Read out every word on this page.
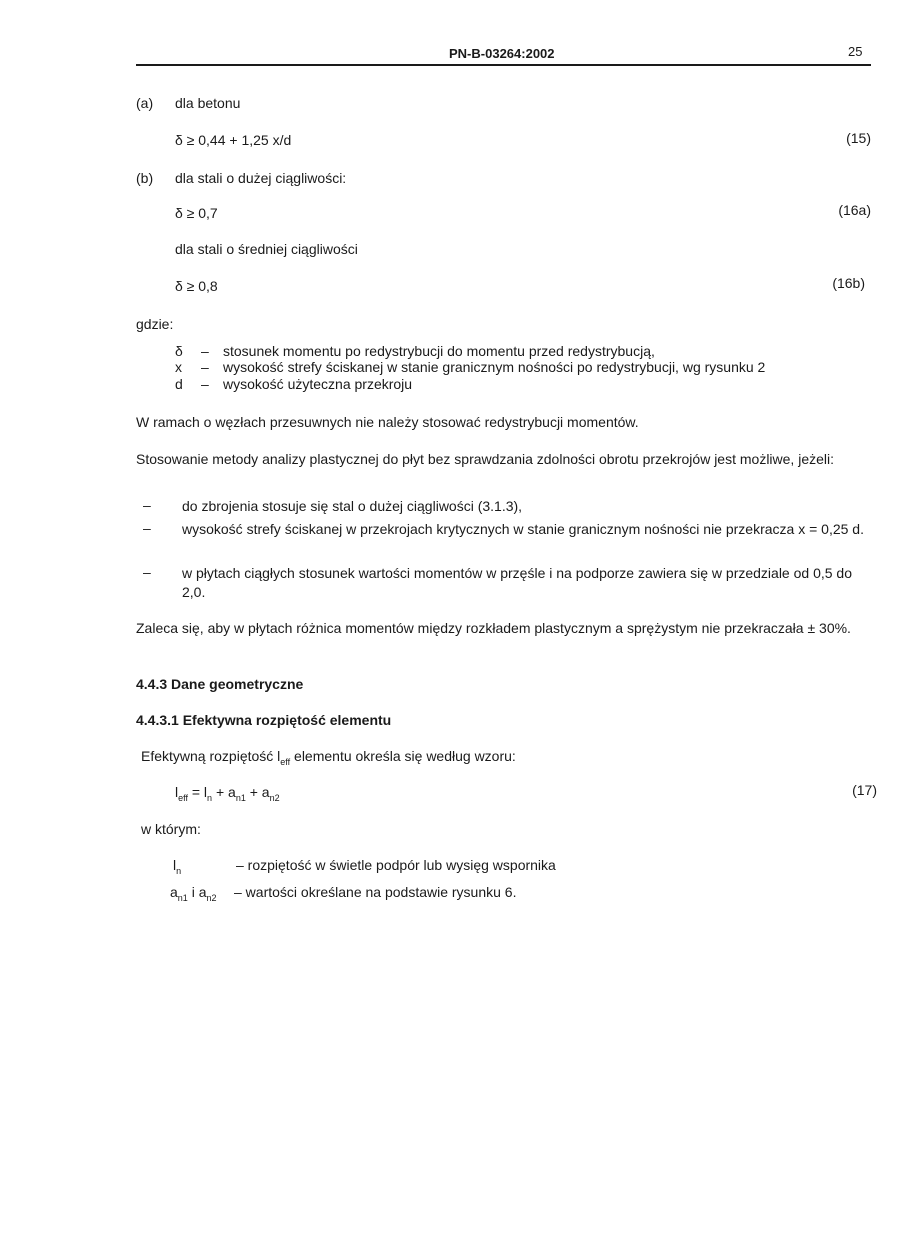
PN-B-03264:2002	25
(a) dla betonu
δ ≥ 0,44 + 1,25 x/d	(15)
(b) dla stali o dużej ciągliwości:
δ ≥ 0,7	(16a)
dla stali o średniej ciągliwości
δ ≥ 0,8	(16b)
gdzie:
δ – stosunek momentu po redystrybucji do momentu przed redystrybucją,
x – wysokość strefy ściskanej w stanie granicznym nośności po redystrybucji, wg rysunku 2
d – wysokość użyteczna przekroju
W ramach o węzłach przesuwnych nie należy stosować redystrybucji momentów.
Stosowanie metody analizy plastycznej do płyt bez sprawdzania zdolności obrotu przekrojów jest możliwe, jeżeli:
– do zbrojenia stosuje się stal o dużej ciągliwości (3.1.3),
– wysokość strefy ściskanej w przekrojach krytycznych w stanie granicznym nośności nie przekracza x = 0,25 d.
– w płytach ciągłych stosunek wartości momentów w przęśle i na podporze zawiera się w przedziale od 0,5 do 2,0.
Zaleca się, aby w płytach różnica momentów między rozkładem plastycznym a sprężystym nie przekraczała ± 30%.
4.4.3 Dane geometryczne
4.4.3.1 Efektywna rozpiętość elementu
Efektywną rozpiętość $l_{eff}$ elementu określa się według wzoru:
$l_{eff} = l_n + a_{n1} + a_{n2}$	(17)
w którym:
$l_n$	– rozpiętość w świetle podpór lub wysięg wspornika
$a_{n1}$ i $a_{n2}$ – wartości określane na podstawie rysunku 6.
